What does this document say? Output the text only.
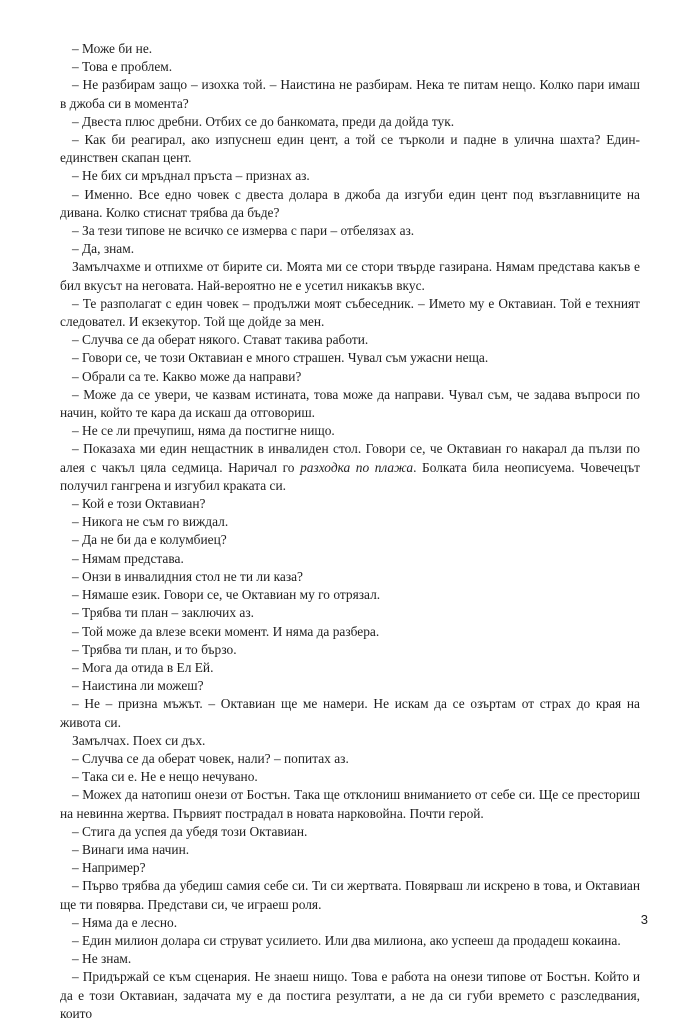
– Може би не.

– Това е проблем.

– Не разбирам защо – изохка той. – Наистина не разбирам. Нека те питам нещо. Колко пари имаш в джоба си в момента?

– Двеста плюс дребни. Отбих се до банкомата, преди да дойда тук.

– Как би реагирал, ако изпуснеш един цент, а той се търколи и падне в улична шахта? Един-единствен скапан цент.

– Не бих си мръднал пръста – признах аз.

– Именно. Все едно човек с двеста долара в джоба да изгуби един цент под възглавниците на дивана. Колко стиснат трябва да бъде?

– За тези типове не всичко се измерва с пари – отбелязах аз.

– Да, знам.

Замълчахме и отпихме от бирите си. Моята ми се стори твърде газирана. Нямам представа какъв е бил вкусът на неговата. Най-вероятно не е усетил никакъв вкус.

– Те разполагат с един човек – продължи моят събеседник. – Името му е Октавиан. Той е техният следовател. И екзекутор. Той ще дойде за мен.

– Случва се да оберат някого. Стават такива работи.

– Говори се, че този Октавиан е много страшен. Чувал съм ужасни неща.

– Обрали са те. Какво може да направи?

– Може да се увери, че казвам истината, това може да направи. Чувал съм, че задава въпроси по начин, който те кара да искаш да отговориш.

– Не се ли пречупиш, няма да постигне нищо.

– Показаха ми един нещастник в инвалиден стол. Говори се, че Октавиан го накарал да пълзи по алея с чакъл цяла седмица. Наричал го разходка по плажа. Болката била неописуема. Човечецът получил гангрена и изгубил краката си.

– Кой е този Октавиан?

– Никога не съм го виждал.

– Да не би да е колумбиец?

– Нямам представа.

– Онзи в инвалидния стол не ти ли каза?

– Нямаше език. Говори се, че Октавиан му го отрязал.

– Трябва ти план – заключих аз.

– Той може да влезе всеки момент. И няма да разбера.

– Трябва ти план, и то бързо.

– Мога да отида в Ел Ей.

– Наистина ли можеш?

– Не – призна мъжът. – Октавиан ще ме намери. Не искам да се озъртам от страх до края на живота си.

Замълчах. Поех си дъх.

– Случва се да оберат човек, нали? – попитах аз.

– Така си е. Не е нещо нечувано.

– Можех да натопиш онези от Бостън. Така ще отклониш вниманието от себе си. Ще се престориш на невинна жертва. Първият пострадал в новата нарковойна. Почти герой.

– Стига да успея да убедя този Октавиан.

– Винаги има начин.

– Например?

– Първо трябва да убедиш самия себе си. Ти си жертвата. Повярваш ли искрено в това, и Октавиан ще ти повярва. Представи си, че играеш роля.

– Няма да е лесно.

– Един милион долара си струват усилието. Или два милиона, ако успееш да продадеш кокаина.

– Не знам.

– Придържай се към сценария. Не знаеш нищо. Това е работа на онези типове от Бостън. Който и да е този Октавиан, задачата му е да постига резултати, а не да си губи времето с разследвания, които

3
